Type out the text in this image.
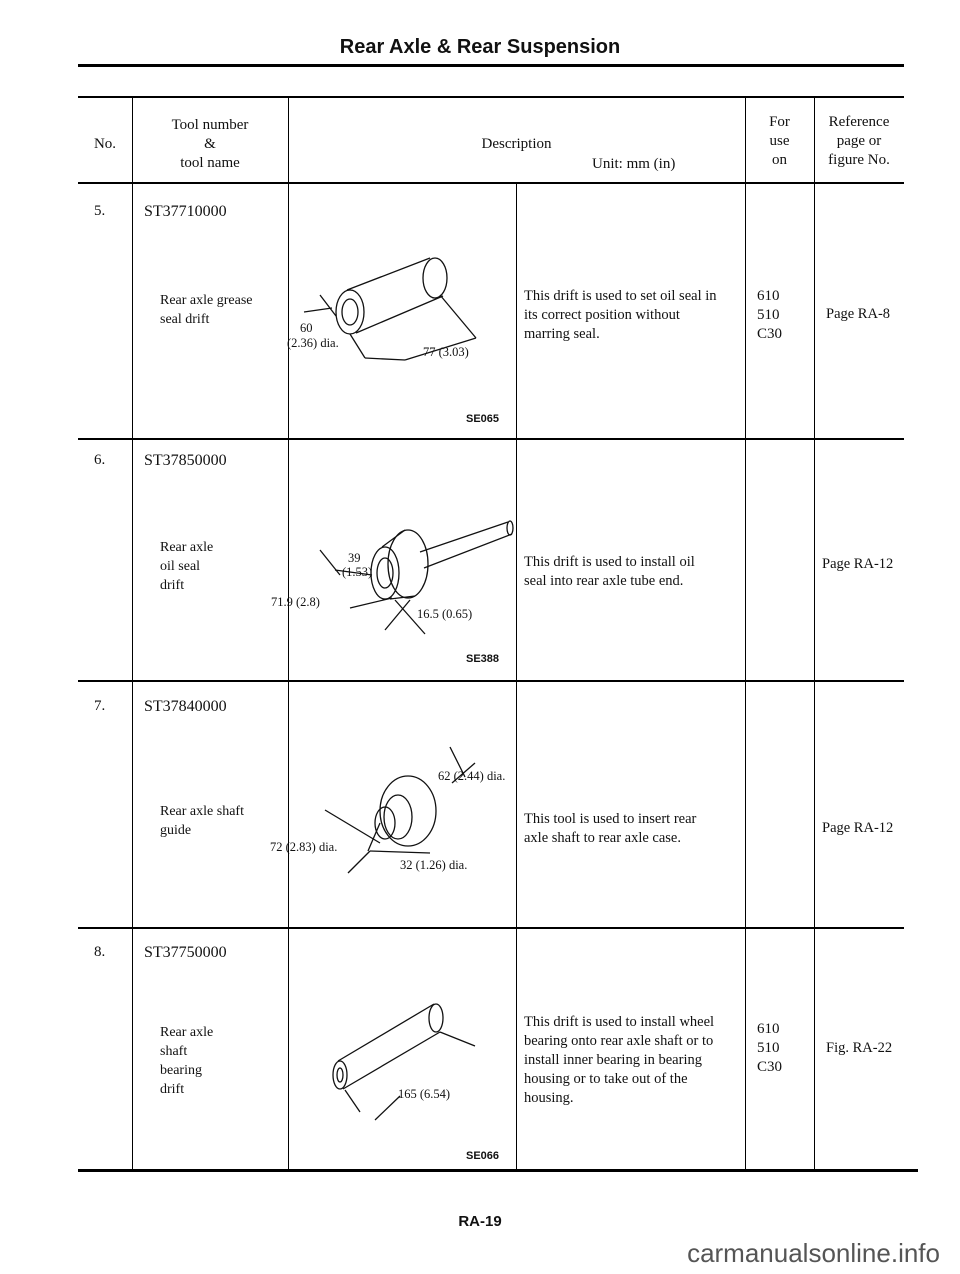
Rear Axle & Rear Suspension
No.
Tool number
&
tool name
Description
Unit: mm (in)
For
use
on
Reference
page or
figure No.
5. ST37710000
Rear axle grease
seal drift
60
(2.36) dia.
77 (3.03)
SE065
This drift is used to set oil seal in
its correct position without
marring seal.
610
510
C30
Page RA-8
6. ST37850000
Rear axle
oil seal
drift
39
(1.53)
71.9 (2.8)
16.5 (0.65)
SE388
This drift is used to install oil
seal into rear axle tube end.
Page RA-12
7. ST37840000
Rear axle shaft
guide
62 (2.44) dia.
72 (2.83) dia.
32 (1.26) dia.
This tool is used to insert rear
axle shaft to rear axle case.
Page RA-12
8. ST37750000
Rear axle
shaft
bearing
drift	165 (6.54)
SE066
This drift is used to install wheel
bearing onto rear axle shaft or to
install inner bearing in bearing
housing or to take out of the
housing.
610
510
C30
Fig. RA-22
RA-19
carmanualsonline.info
